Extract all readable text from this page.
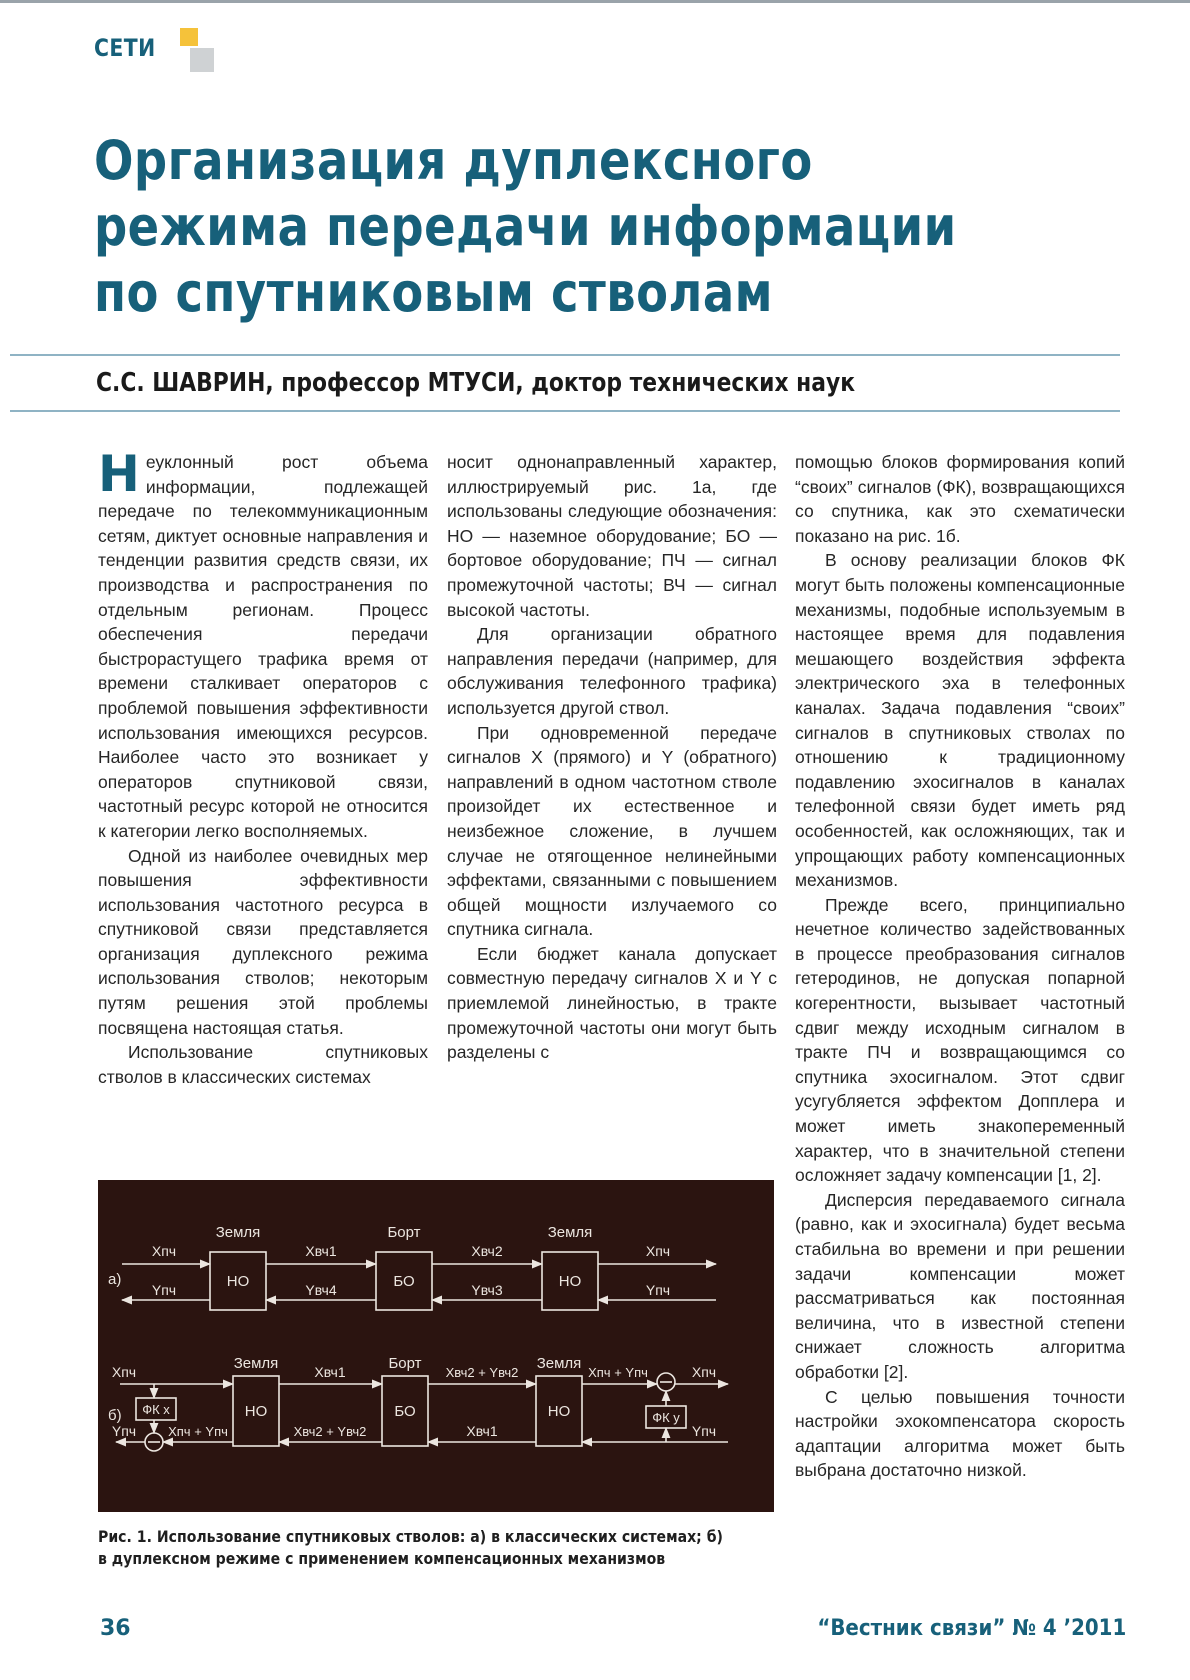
СЕТИ
Организация дуплексного режима передачи информации по спутниковым стволам
С.С. ШАВРИН, профессор МТУСИ, доктор технических наук

Неуклонный рост объема информации, подлежащей передаче по телекоммуникационным сетям, диктует основные направления и тенденции развития средств связи, их производства и распространения по отдельным регионам. Процесс обеспечения передачи быстрорастущего трафика время от времени сталкивает операторов с проблемой повышения эффективности использования имеющихся ресурсов. Наиболее часто это возникает у операторов спутниковой связи, частотный ресурс которой не относится к категории легко восполняемых.

Одной из наиболее очевидных мер повышения эффективности использования частотного ресурса в спутниковой связи представляется организация дуплексного режима использования стволов; некоторым путям решения этой проблемы посвящена настоящая статья.

Использование спутниковых стволов в классических системах

носит однонаправленный характер, иллюстрируемый рис. 1а, где использованы следующие обозначения: НО — наземное оборудование; БО — бортовое оборудование; ПЧ — сигнал промежуточной частоты; ВЧ — сигнал высокой частоты.

Для организации обратного направления передачи (например, для обслуживания телефонного трафика) используется другой ствол.

При одновременной передаче сигналов X (прямого) и Y (обратного) направлений в одном частотном стволе произойдет их естественное и неизбежное сложение, в лучшем случае не отягощенное нелинейными эффектами, связанными с повышением общей мощности излучаемого со спутника сигнала.

Если бюджет канала допускает совместную передачу сигналов X и Y с приемлемой линейностью, в тракте промежуточной частоты они могут быть разделены с

помощью блоков формирования копий “своих” сигналов (ФК), возвращающихся со спутника, как это схематически показано на рис. 1б.

В основу реализации блоков ФК могут быть положены компенсационные механизмы, подобные используемым в настоящее время для подавления мешающего воздействия эффекта электрического эха в телефонных каналах. Задача подавления “своих” сигналов в спутниковых стволах по отношению к традиционному подавлению эхосигналов в каналах телефонной связи будет иметь ряд особенностей, как осложняющих, так и упрощающих работу компенсационных механизмов.

Прежде всего, принципиально нечетное количество задействованных в процессе преобразования сигналов гетеродинов, не допуская попарной когерентности, вызывает частотный сдвиг между исходным сигналом в тракте ПЧ и возвращающимся со спутника эхосигналом. Этот сдвиг усугубляется эффектом Допплера и может иметь знакопеременный характер, что в значительной степени осложняет задачу компенсации [1, 2].

Дисперсия передаваемого сигнала (равно, как и эхосигнала) будет весьма стабильна во времени и при решении задачи компенсации может рассматриваться как постоянная величина, что в известной степени снижает сложность алгоритма обработки [2].

С целью повышения точности настройки эхокомпенсатора скорость адаптации алгоритма может быть выбрана достаточно низкой.

а)
Земля	Борт	Земля
НО	БО	НО
Xпч	Xвч1	Xвч2	Xпч
Yпч	Yвч4	Yвч3	Yпч
б)
Земля	Борт	Земля
НО	БО	НО
ФК x
ФК y
Xпч
Yпч Xпч + Yпч
Xвч1	Xвч2 + Yвч2	Xпч + Yпч	Xпч
Yпч
Xвч2 + Yвч2	Xвч1
Рис. 1. Использование спутниковых стволов: а) в классических системах; б) в дуплексном режиме с применением компенсационных механизмов
36	“Вестник связи” № 4 ’2011
